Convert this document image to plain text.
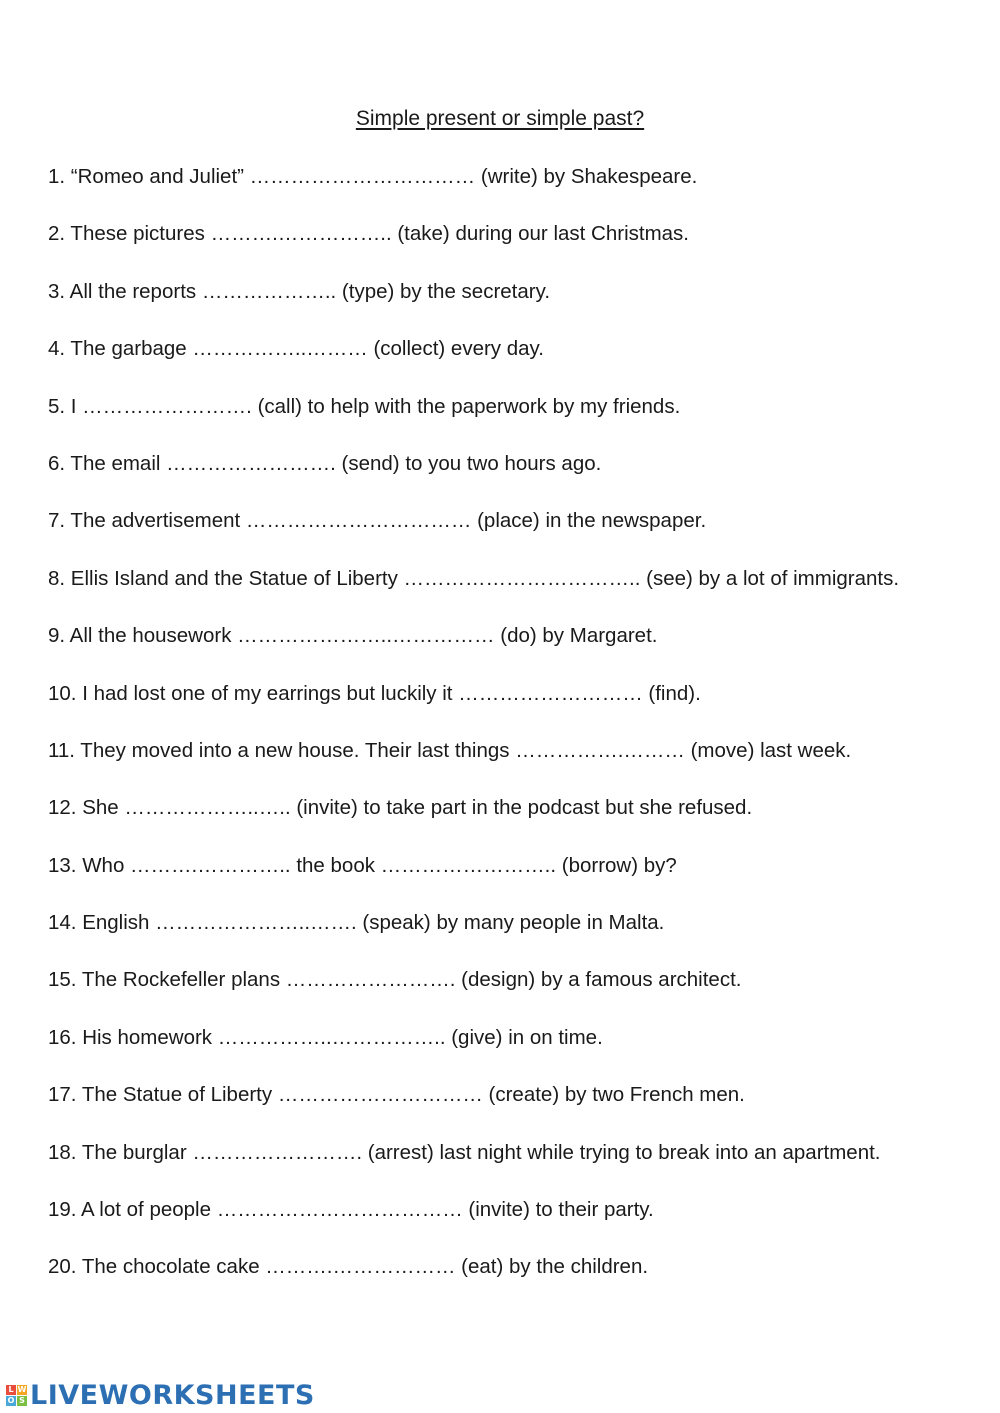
Simple present or simple past?
1. “Romeo and Juliet” …………………………… (write) by Shakespeare.
2. These pictures ……….…………….. (take) during our last Christmas.
3. All the reports ……………….. (type) by the secretary.
4. The garbage ……………..……… (collect) every day.
5. I ……………………. (call) to help with the paperwork by my friends.
6. The email ……………………. (send) to you two hours ago.
7. The advertisement …………………………… (place) in the newspaper.
8. Ellis Island and the Statue of Liberty …………………………….. (see) by a lot of immigrants.
9. All the housework …………………..…………… (do) by Margaret.
10. I had lost one of my earrings but luckily it ……………………… (find).
11. They moved into a new house. Their last things …………….……… (move) last week.
12. She ………………..….. (invite) to take part in the podcast but she refused.
13. Who ……….………….. the book …………………….. (borrow) by?
14. English …………………..……. (speak) by many people in Malta.
15. The Rockefeller plans ……………………. (design) by a famous architect.
16. His homework ……………..…………….. (give) in on time.
17. The Statue of Liberty ………………………… (create) by two French men.
18. The burglar ……………………. (arrest) last night while trying to break into an apartment.
19. A lot of people ……………………………… (invite) to their party.
20. The chocolate cake ……….……………… (eat) by the children.
L W
O S LIVEWORKSHEETS
